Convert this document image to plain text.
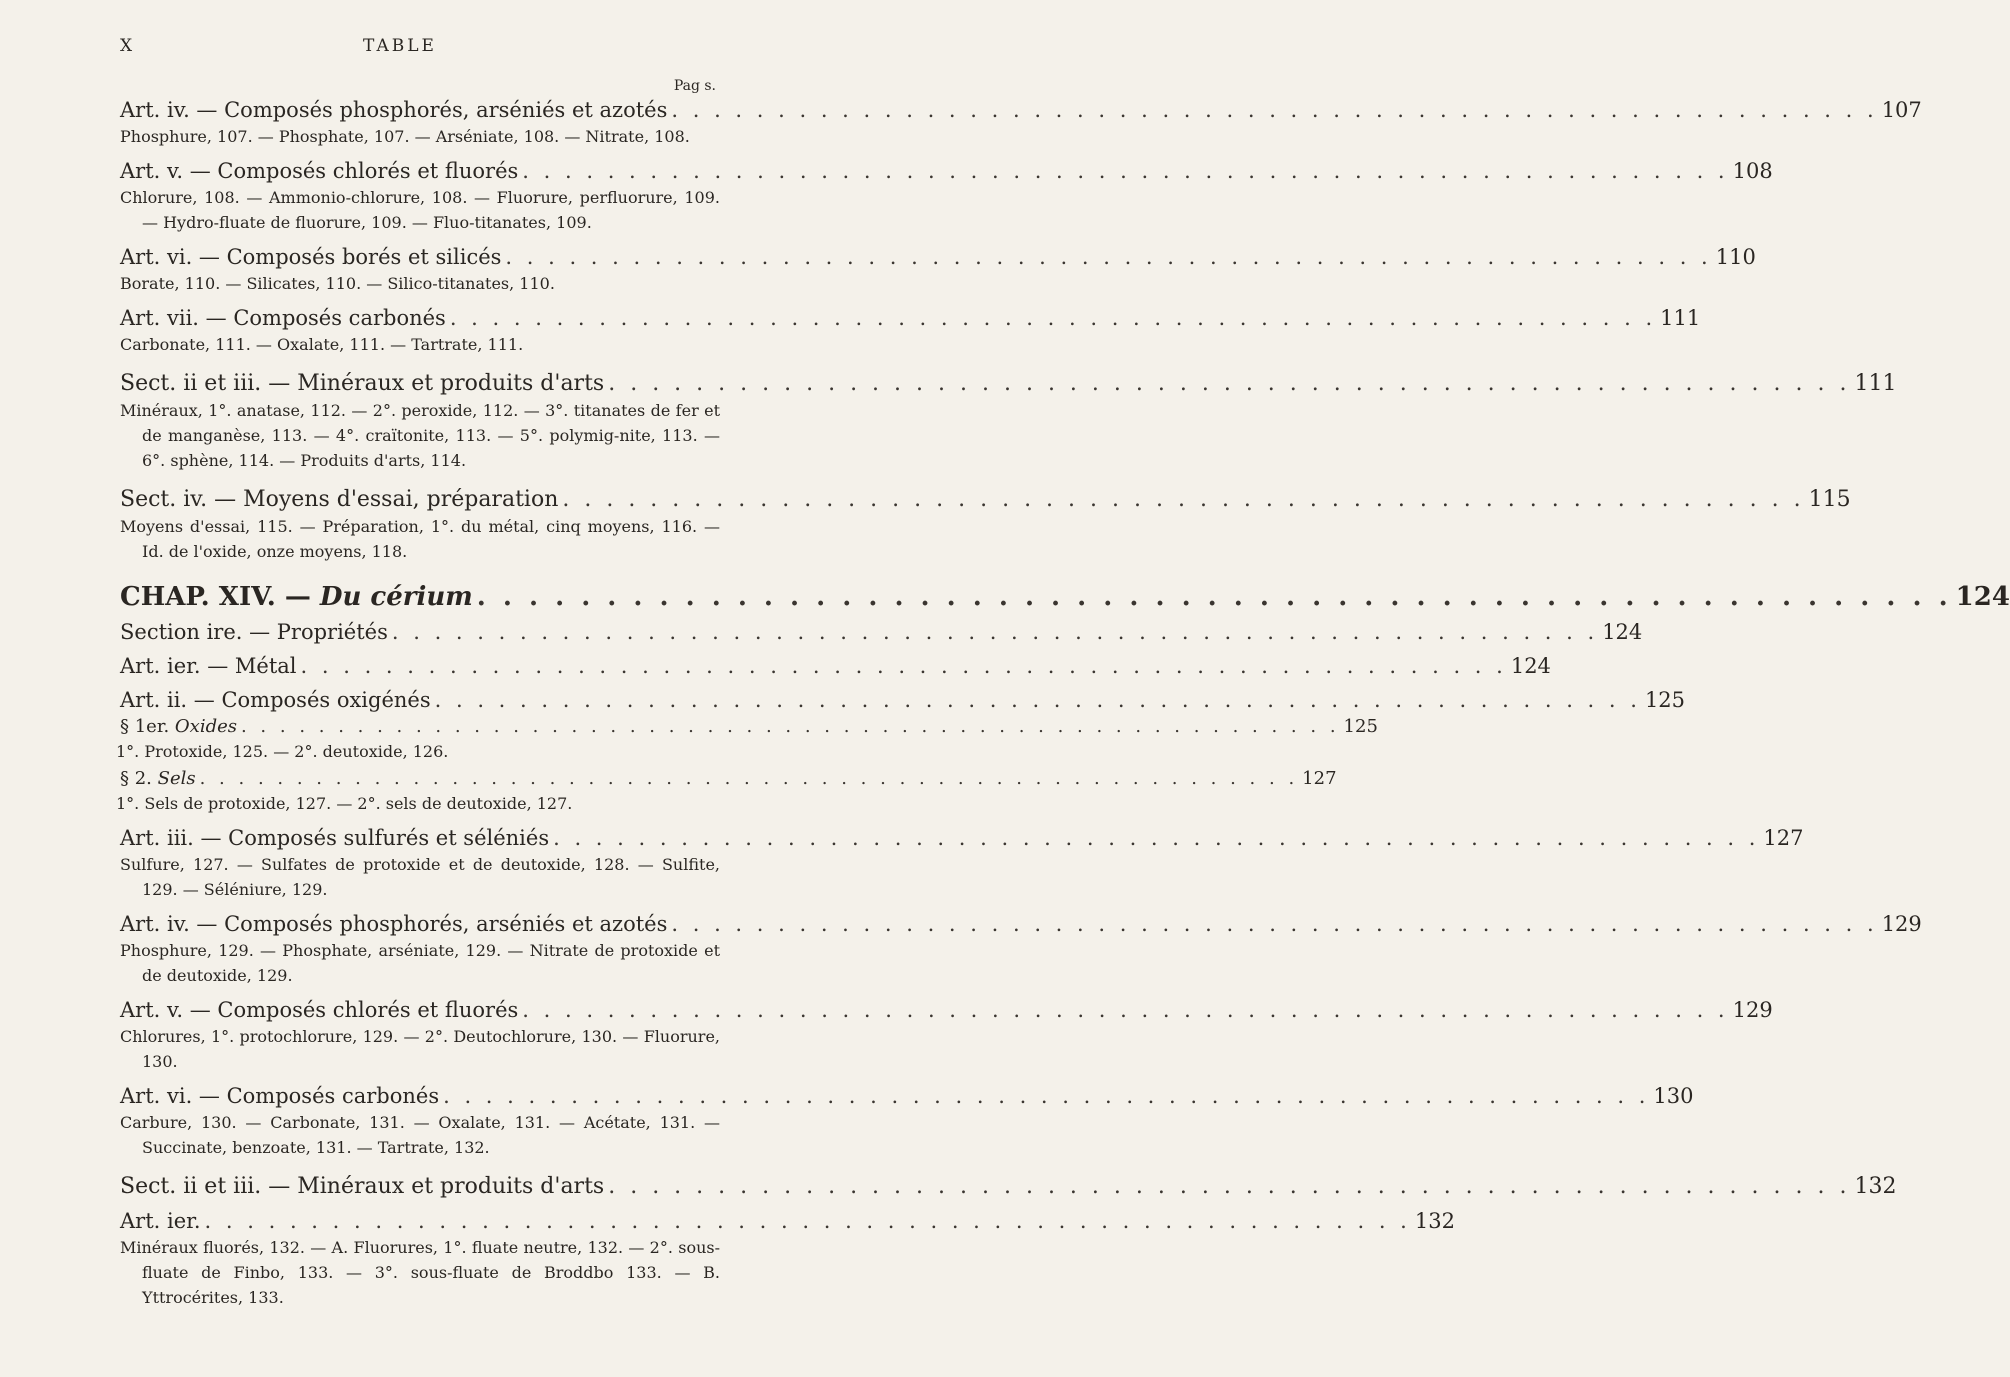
X	TABLE
Pag s.
Art. iv. — Composés phosphorés, arséniés et azotés . . . . . . . . . . . . . . . . . . . . . . . . . . . . . . . . . . . . . . . . . . . . . . . . . . . . . . . . . 107
Phosphure, 107. — Phosphate, 107. — Arséniate, 108. — Nitrate, 108.
Art. v. — Composés chlorés et fluorés . . . . . . . . . . . . . . . . . . . . . . . . . . . . . . . . . . . . . . . . . . . . . . . . . . . . . . . . . 108
Chlorure, 108. — Ammonio-chlorure, 108. — Fluorure, perfluorure, 109. — Hydro-fluate de fluorure, 109. — Fluo-titanates, 109.
Art. vi. — Composés borés et silicés . . . . . . . . . . . . . . . . . . . . . . . . . . . . . . . . . . . . . . . . . . . . . . . . . . . . . . . . . 110
Borate, 110. — Silicates, 110. — Silico-titanates, 110.
Art. vii. — Composés carbonés . . . . . . . . . . . . . . . . . . . . . . . . . . . . . . . . . . . . . . . . . . . . . . . . . . . . . . . . . 111
Carbonate, 111. — Oxalate, 111. — Tartrate, 111.
Sect. ii et iii. — Minéraux et produits d'arts . . . . . . . . . . . . . . . . . . . . . . . . . . . . . . . . . . . . . . . . . . . . . . . . . . . . . . . . . 111
Minéraux, 1°. anatase, 112. — 2°. peroxide, 112. — 3°. titanates de fer et de manganèse, 113. — 4°. craïtonite, 113. — 5°. polymig-nite, 113. — 6°. sphène, 114. — Produits d'arts, 114.
Sect. iv. — Moyens d'essai, préparation . . . . . . . . . . . . . . . . . . . . . . . . . . . . . . . . . . . . . . . . . . . . . . . . . . . . . . . . . 115
Moyens d'essai, 115. — Préparation, 1°. du métal, cinq moyens, 116. — Id. de l'oxide, onze moyens, 118.
CHAP. XIV. — Du cérium . . . . . . . . . . . . . . . . . . . . . . . . . . . . . . . . . . . . . . . . . . . . . . . . . . . . . . . . . 124
Section ire. — Propriétés . . . . . . . . . . . . . . . . . . . . . . . . . . . . . . . . . . . . . . . . . . . . . . . . . . . . . . . . . 124
Art. ier. — Métal . . . . . . . . . . . . . . . . . . . . . . . . . . . . . . . . . . . . . . . . . . . . . . . . . . . . . . . . . 124
Art. ii. — Composés oxigénés . . . . . . . . . . . . . . . . . . . . . . . . . . . . . . . . . . . . . . . . . . . . . . . . . . . . . . . . . 125
§ 1er. Oxides . . . . . . . . . . . . . . . . . . . . . . . . . . . . . . . . . . . . . . . . . . . . . . . . . . . . . . . . . 125
1°. Protoxide, 125. — 2°. deutoxide, 126.
§ 2. Sels . . . . . . . . . . . . . . . . . . . . . . . . . . . . . . . . . . . . . . . . . . . . . . . . . . . . . . . . . 127
1°. Sels de protoxide, 127. — 2°. sels de deutoxide, 127.
Art. iii. — Composés sulfurés et séléniés . . . . . . . . . . . . . . . . . . . . . . . . . . . . . . . . . . . . . . . . . . . . . . . . . . . . . . . . . 127
Sulfure, 127. — Sulfates de protoxide et de deutoxide, 128. — Sulfite, 129. — Séléniure, 129.
Art. iv. — Composés phosphorés, arséniés et azotés . . . . . . . . . . . . . . . . . . . . . . . . . . . . . . . . . . . . . . . . . . . . . . . . . . . . . . . . . 129
Phosphure, 129. — Phosphate, arséniate, 129. — Nitrate de protoxide et de deutoxide, 129.
Art. v. — Composés chlorés et fluorés . . . . . . . . . . . . . . . . . . . . . . . . . . . . . . . . . . . . . . . . . . . . . . . . . . . . . . . . . 129
Chlorures, 1°. protochlorure, 129. — 2°. Deutochlorure, 130. — Fluorure, 130.
Art. vi. — Composés carbonés . . . . . . . . . . . . . . . . . . . . . . . . . . . . . . . . . . . . . . . . . . . . . . . . . . . . . . . . . 130
Carbure, 130. — Carbonate, 131. — Oxalate, 131. — Acétate, 131. — Succinate, benzoate, 131. — Tartrate, 132.
Sect. ii et iii. — Minéraux et produits d'arts . . . . . . . . . . . . . . . . . . . . . . . . . . . . . . . . . . . . . . . . . . . . . . . . . . . . . . . . . 132
Art. ier. . . . . . . . . . . . . . . . . . . . . . . . . . . . . . . . . . . . . . . . . . . . . . . . . . . . . . . . . . 132
Minéraux fluorés, 132. — A. Fluorures, 1°. fluate neutre, 132. — 2°. sous-fluate de Finbo, 133. — 3°. sous-fluate de Broddbo 133. — B. Yttrocérites, 133.
